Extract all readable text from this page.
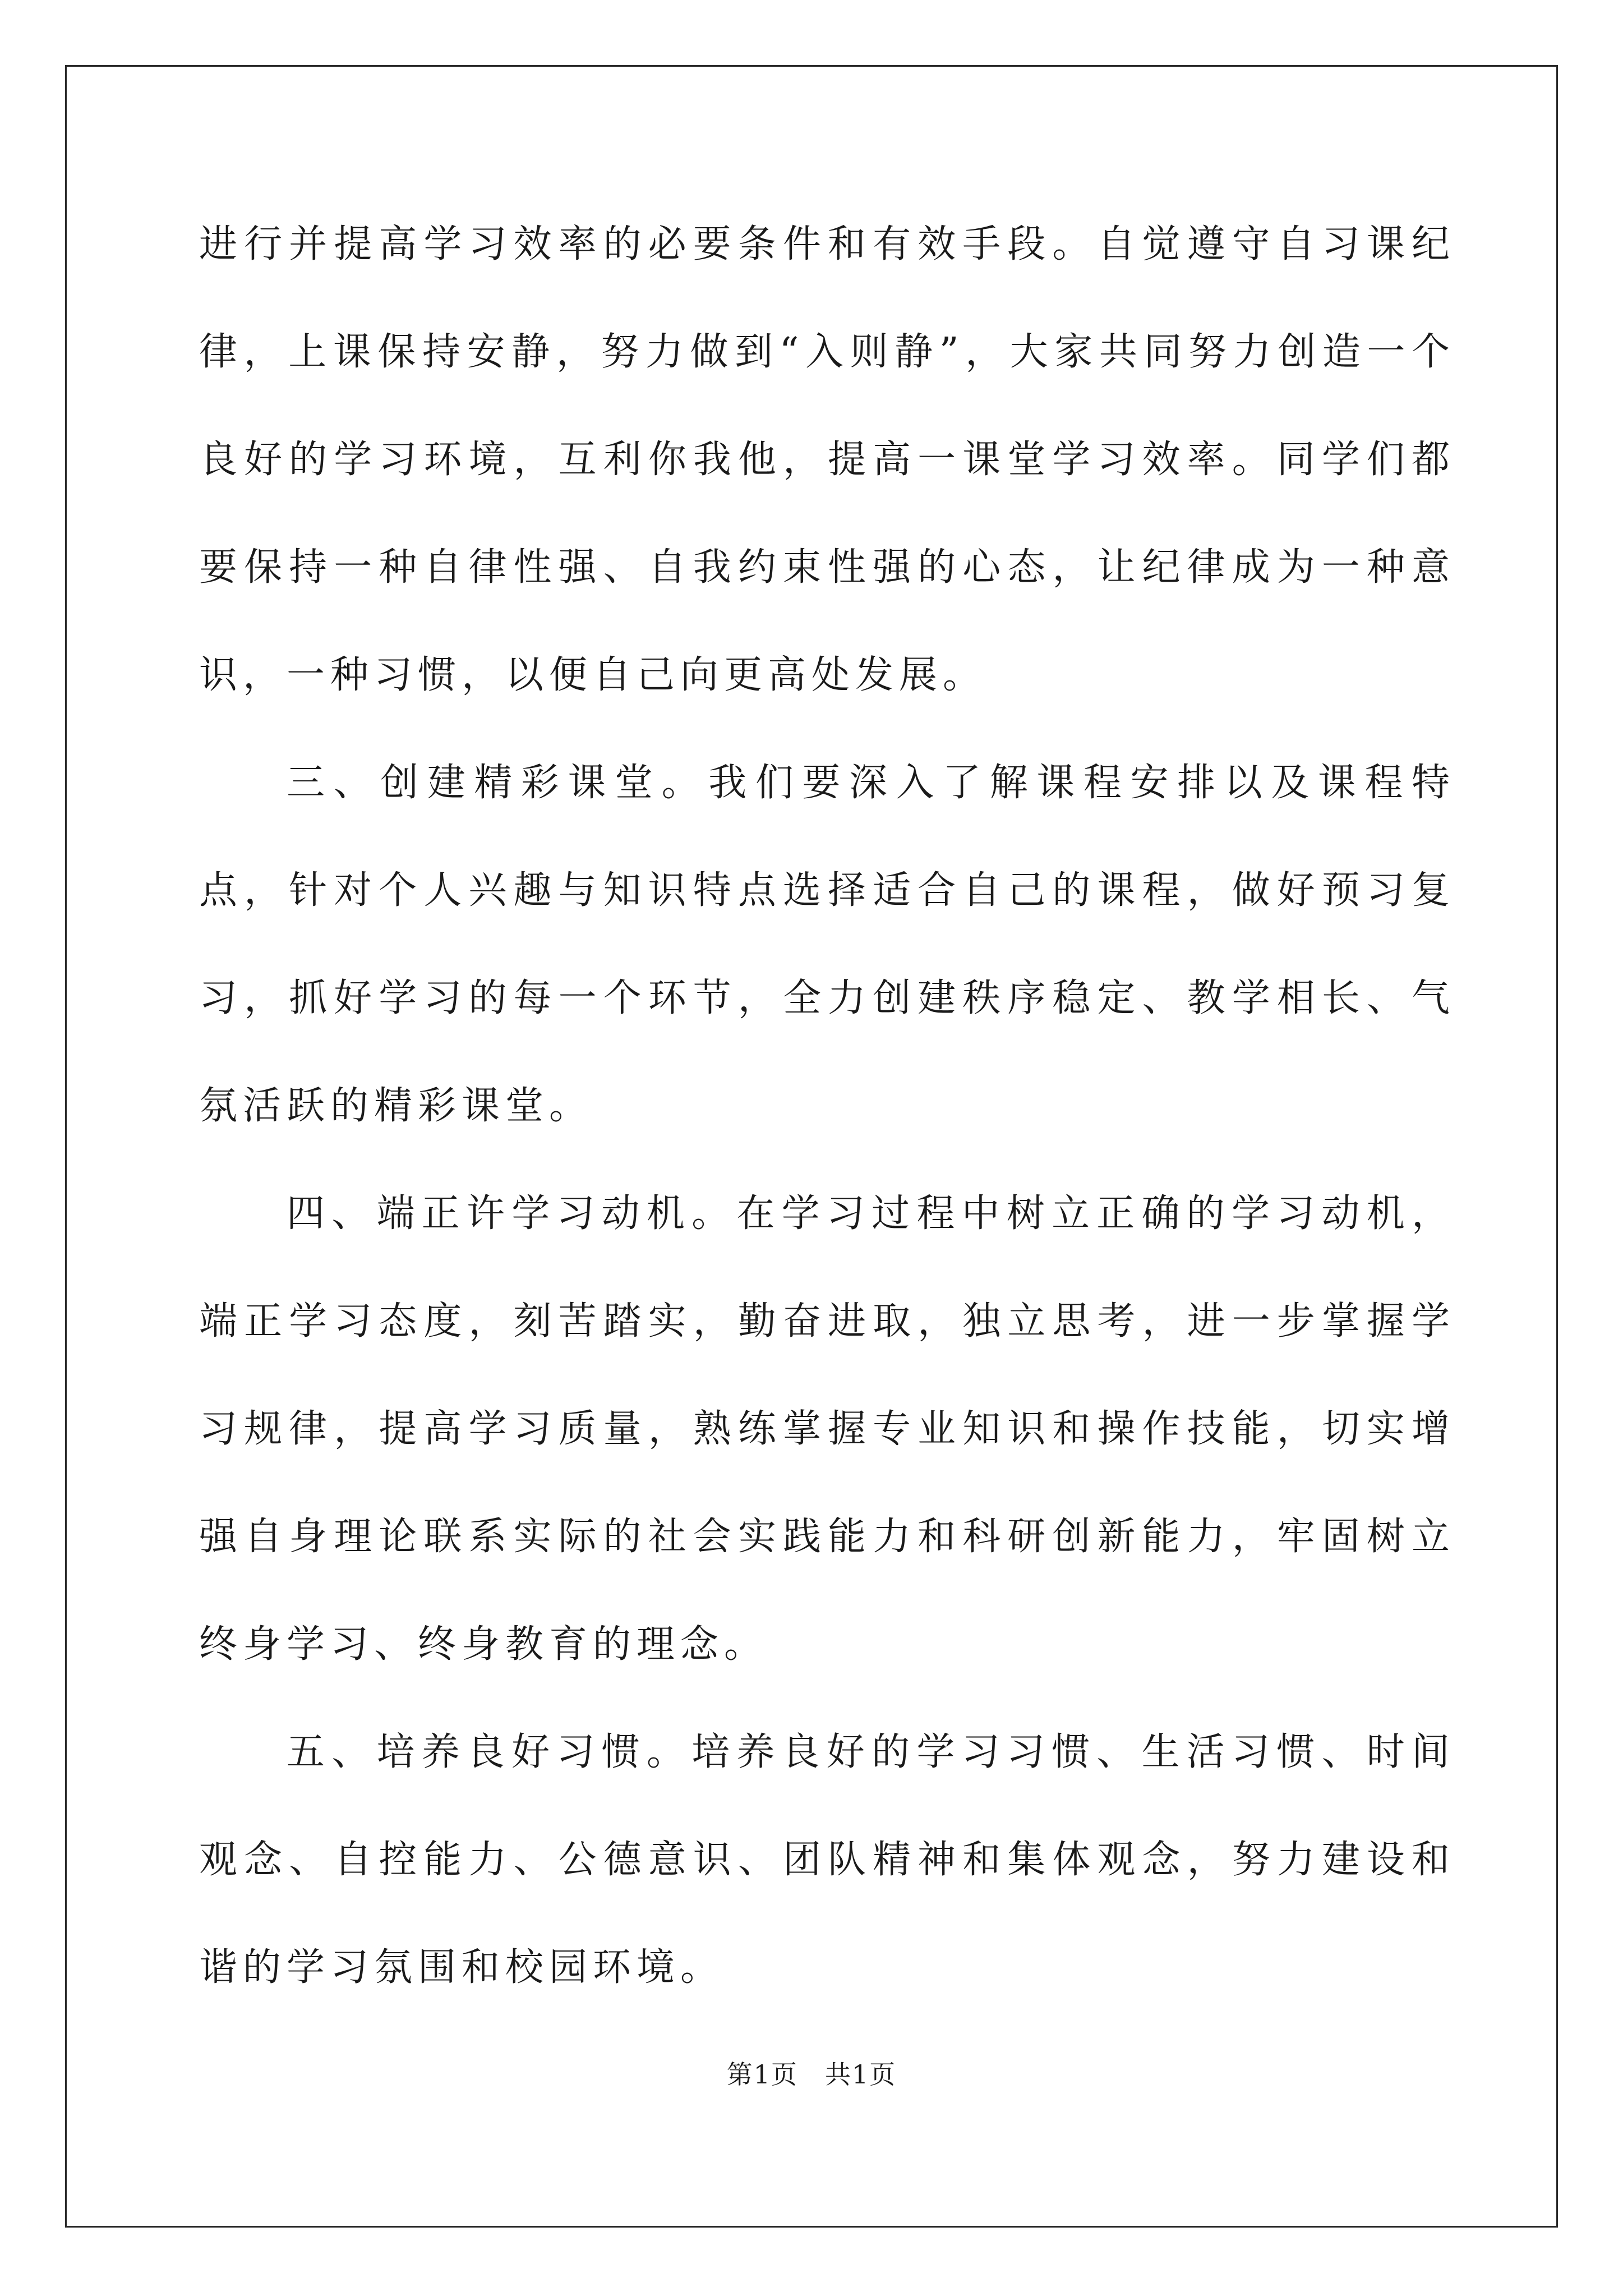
进行并提高学习效率的必要条件和有效手段。自觉遵守自习课纪律，上课保持安静，努力做到“入则静”，大家共同努力创造一个良好的学习环境，互利你我他，提高一课堂学习效率。同学们都要保持一种自律性强、自我约束性强的心态，让纪律成为一种意识，一种习惯，以便自己向更高处发展。

三、创建精彩课堂。我们要深入了解课程安排以及课程特点，针对个人兴趣与知识特点选择适合自己的课程，做好预习复习，抓好学习的每一个环节，全力创建秩序稳定、教学相长、气氛活跃的精彩课堂。

四、端正许学习动机。在学习过程中树立正确的学习动机，端正学习态度，刻苦踏实，勤奋进取，独立思考，进一步掌握学习规律，提高学习质量，熟练掌握专业知识和操作技能，切实增强自身理论联系实际的社会实践能力和科研创新能力，牢固树立终身学习、终身教育的理念。

五、培养良好习惯。培养良好的学习习惯、生活习惯、时间观念、自控能力、公德意识、团队精神和集体观念，努力建设和谐的学习氛围和校园环境。

第1页　共1页
